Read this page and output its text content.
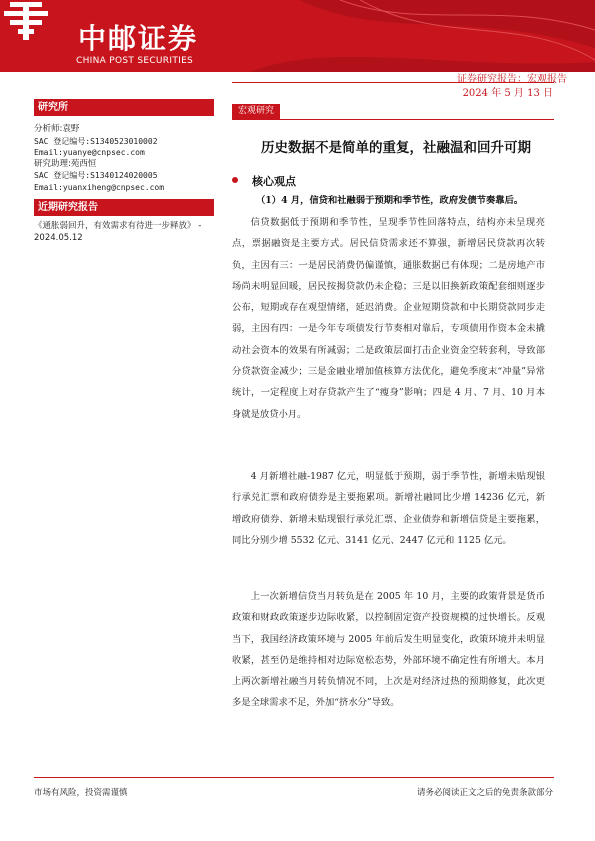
中邮证券
CHINA POST SECURITIES
证券研究报告：宏观报告
2024 年 5 月 13 日
研究所
分析师:袁野
SAC 登记编号:S1340523010002
Email:yuanye@cnpsec.com
研究助理:苑西恒
SAC 登记编号:S1340124020005
Email:yuanxiheng@cnpsec.com
近期研究报告
《通胀弱回升，有效需求有待进一步释放》 - 2024.05.12
宏观研究
历史数据不是简单的重复，社融温和回升可期
核心观点
（1）4 月，信贷和社融弱于预期和季节性，政府发债节奏靠后。

信贷数据低于预期和季节性，呈现季节性回落特点，结构亦未呈现亮点，票据融资是主要方式。居民信贷需求还不算强，新增居民贷款再次转负，主因有三：一是居民消费仍偏谨慎，通胀数据已有体现；二是房地产市场尚未明显回暖，居民按揭贷款仍未企稳；三是以旧换新政策配套细则逐步公布，短期或存在观望情绪，延迟消费。企业短期贷款和中长期贷款同步走弱，主因有四：一是今年专项债发行节奏相对靠后，专项债用作资本金未撬动社会资本的效果有所减弱；二是政策层面打击企业资金空转套利，导致部分贷款资金减少；三是金融业增加值核算方法优化，避免季度末“冲量”异常统计，一定程度上对存贷款产生了“瘦身”影响；四是 4 月、7 月、10 月本身就是放贷小月。

4 月新增社融-1987 亿元，明显低于预期，弱于季节性，新增未贴现银行承兑汇票和政府债券是主要拖累项。新增社融同比少增 14236 亿元，新增政府债券、新增未贴现银行承兑汇票、企业债券和新增信贷是主要拖累，同比分别少增 5532 亿元、3141 亿元、2447 亿元和 1125 亿元。

上一次新增信贷当月转负是在 2005 年 10 月，主要的政策背景是货币政策和财政政策逐步边际收紧，以控制固定资产投资规模的过快增长。反观当下，我国经济政策环境与 2005 年前后发生明显变化，政策环境并未明显收紧，甚至仍是维持相对边际宽松态势，外部环境不确定性有所增大。本月上两次新增社融当月转负情况不同，上次是对经济过热的预期修复，此次更多是全球需求不足，外加“挤水分”导致。

市场有风险，投资需谨慎	请务必阅读正文之后的免责条款部分
